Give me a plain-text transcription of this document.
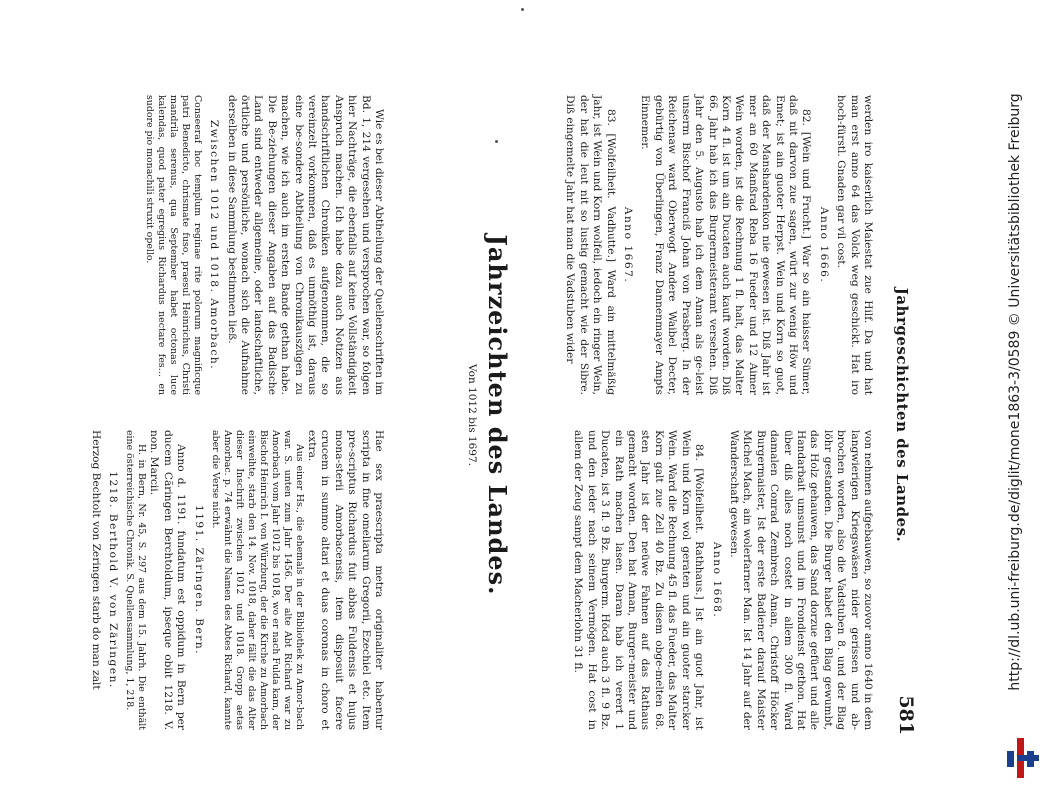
Jahrgeschichten des Landes.
581

werden iro kaiserlich Maiestat zue Hilf. Da und hat man erst anno 64 das Volck weg geschickt. Hat iro hoch-fürstl. Gnaden gar vil cost.

Anno 1666.

82. [Wein und Frucht.] War so ain haisser Sümer, daß nit darvon zue sagen, würt zur wenig Höw und Emet; ist ain guoter Herpst. Wein und Korn so guot, daß der Manshardenkon nie gewesen ist. Diß Jahr ist mer an 60 Manßrad Reba 16 Fueder und 12 Aimer Wein worden, ist die Rechnung 1 fl. halt, das Malter Korn 4 fl. ist um ain Ducaten auch kauft worden. Diß 66. Jahr hab ich das Burgermeisteramt versehen. Diß Jahr den 5. Augusto hab ich dem Aman als ge-leist unserm Bischof Franciß Johan von Prasberg. In der Reichenaw ward Oberwogt Andere Waibel Decter, gebürtig von Überlingen, Franz Dannenmayer Ampts Einnemer.

Anno 1667.

83. [Wolfeilheit. Vadhutte.] Ward ain mittelmäßig Jahr, ist Wein und Korn wolfeil, iedoch ein ringer Wein, der hat die leut nit so lustig gemacht wie der Sibre. Diß eingemelte Jahr hat man die Vadstuben wider

von nehmen aufgebauwen, so zuovor anno 1640 in dem langwierigen Kriegswäsen nider gerissen und ab-brochen worden, also die Vadstuben 8. und der Blag löhr gestanden. Die Burger habet den Blag gewumbt, das Holz gehauwen, das Sand dorzue gefüert und alle Handarbait umsunst und im Frondienst gethon. Hat über diß alles noch costet in allem 300 fl. Ward damalen Conrad Zembrech Aman, Christoff Höcker Burgermaister, Ist der erste Badiener darauf Maister Michel Mach, ain wolerfarner Man. Ist 14 Jahr auf der Wanderschaft gewesen.

Anno 1668.

84. [Wolfeilheit. Rathhaus.] Ist ain guot Jahr, ist Wein und Korn wol geraten und ain guoter starcker Wein. Ward die Rechnung 45 fl. das Fueder, das Malter Korn galt zue Zell 40 Bz. Zu disem obge-melten 68. sten Jahr ist der neüwe Fahnen auf das Rathaus gemacht worden. Den hat Aman, Burger-meister und ein Rath machen lasen. Daran hab ich verert 1 Ducaten, ist 3 fl. 9 Bz. Burgerm. Höcd auch 3 fl. 9 Bz. und den ieder nach seinem Vermögen. Hat cost in allem der Zeug sampt dem Macherlohn 31 fl.

Jahrzeichten des Landes.
Von 1012 bis 1697.

Wie es bei dieser Abtheilung der Quellenschriften im Bd. 1, 214 vergesehen und versprochen war, so folgen hier Nachträge, die ebenfalls auf keine Vollständigkeit Anspruch machen. Ich habe dazu auch Notizen aus handschriftlichen Chroniken aufgenommen, die so vereinzelt vorkommen, daß es unmöthig ist, daraus eine be-sondere Abtheilung von Chronikauszügen zu machen, wie ich auch im ersten Bande gethan habe. Die Be-ziehungen dieser Angaben auf das Badische Land sind entweder allgemeine, oder landschaftliche, örtliche und persönliche, wonach sich die Aufnahme derselben in diese Sammlung bestimmen ließ.

Zwischen 1012 und 1018. Amorbach.

Conseeraf hoc templum reginae rite polorum magnificque patri Benedicto, chrismate fuso, praesul Heinrichus, Christi mandrila serenus, qua September habet octonas luce kalendas, quod pater egregius Richardus nectare fes… en sudore pio monachili struxit opello.

Hae sex praescripta metra originaliter habentur scripta in fine omeliarum Gregorii, Ezechiel etc. Item pre-scriptus Richardus fuit abbas Fuldensis et hujus mona-sterii Amorbacensis, item disposuit facere crucem in summo altari et duas coronas in choro et extra.

Aus einer Hs., die ehemals in der Bibliothek zu Amor-bach war. S. unten zum Jahr 1456. Der alte Abt Richard war zu Amorbach vom Jahr 1012 bis 1018, wo er nach Fulda kam, der Bischof Heinrich I. von Würzburg, der die Kirche zu Amorbach einweihte, starb den 14. Nov. 1018, daher fällt die das Alter dieser Inschrift zwischen 1012 und 1018. Gropp aetas Amorbac. p. 74 erwähnt die Namen des Abtes Richard, kannte aber die Verse nicht.

1191. Zäringen. Bern.

Anno d. 1191. fundatum est oppidum in Bern per ducem Căringen Berchtoldum, ipseque obiit 1218. V. non. Marcii.

H. in Bern, Nr. 45, S. 297 aus dem 15. Jahrh. Die enthält eine österreichische Chronik. S. Quellensammlung, 1, 218.

1218. Berthold V. von Zäringen.

Herzog Bechtolt von Zeringen starb do man zalt	http://dl.ub.uni-freiburg.de/diglit/mone1863-3/0589 © Universitätsbibliothek Freiburg
